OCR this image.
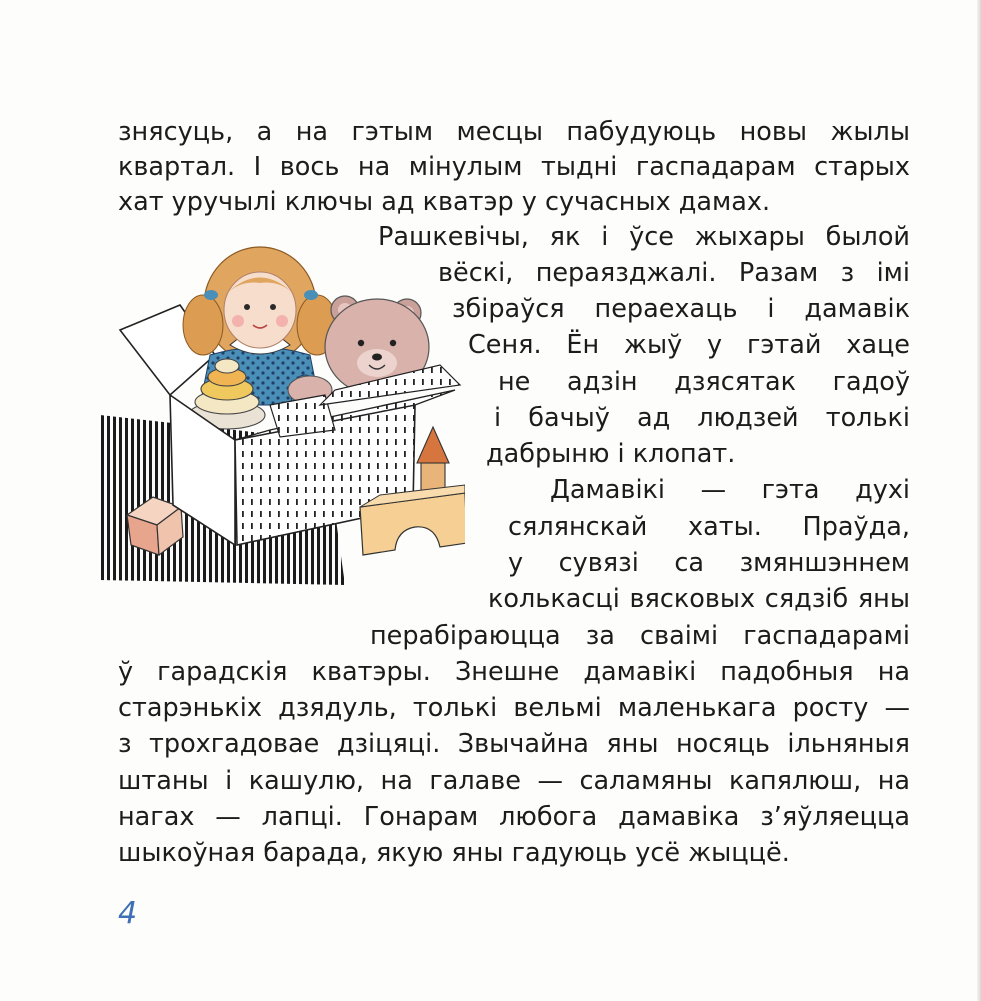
знясуць, а на гэтым месцы пабудуюць новы жылы
квартал. І вось на мінулым тыдні гаспадарам старых
хат уручылі ключы ад кватэр у сучасных дамах.
Рашкевічы, як і ўсе жыхары былой
вёскі, пераязджалі. Разам з імі
збіраўся пераехаць і дамавік
Сеня. Ён жыў у гэтай хаце
не адзін дзясятак гадоў
і бачыў ад людзей толькі
дабрыню і клопат.
Дамавікі — гэта духі
сялянскай хаты. Праўда,
у сувязі са змяншэннем
колькасці вясковых сядзіб яны
перабіраюцца за сваімі гаспадарамі
ў гарадскія кватэры. Знешне дамавікі падобныя на
старэнькіх дзядуль, толькі вельмі маленькага росту —
з трохгадовае дзіцяці. Звычайна яны носяць ільняныя
штаны і кашулю, на галаве — саламяны капялюш, на
нагах — лапці. Гонарам любога дамавіка з’яўляецца
шыкоўная барада, якую яны гадуюць усё жыццё.
4
